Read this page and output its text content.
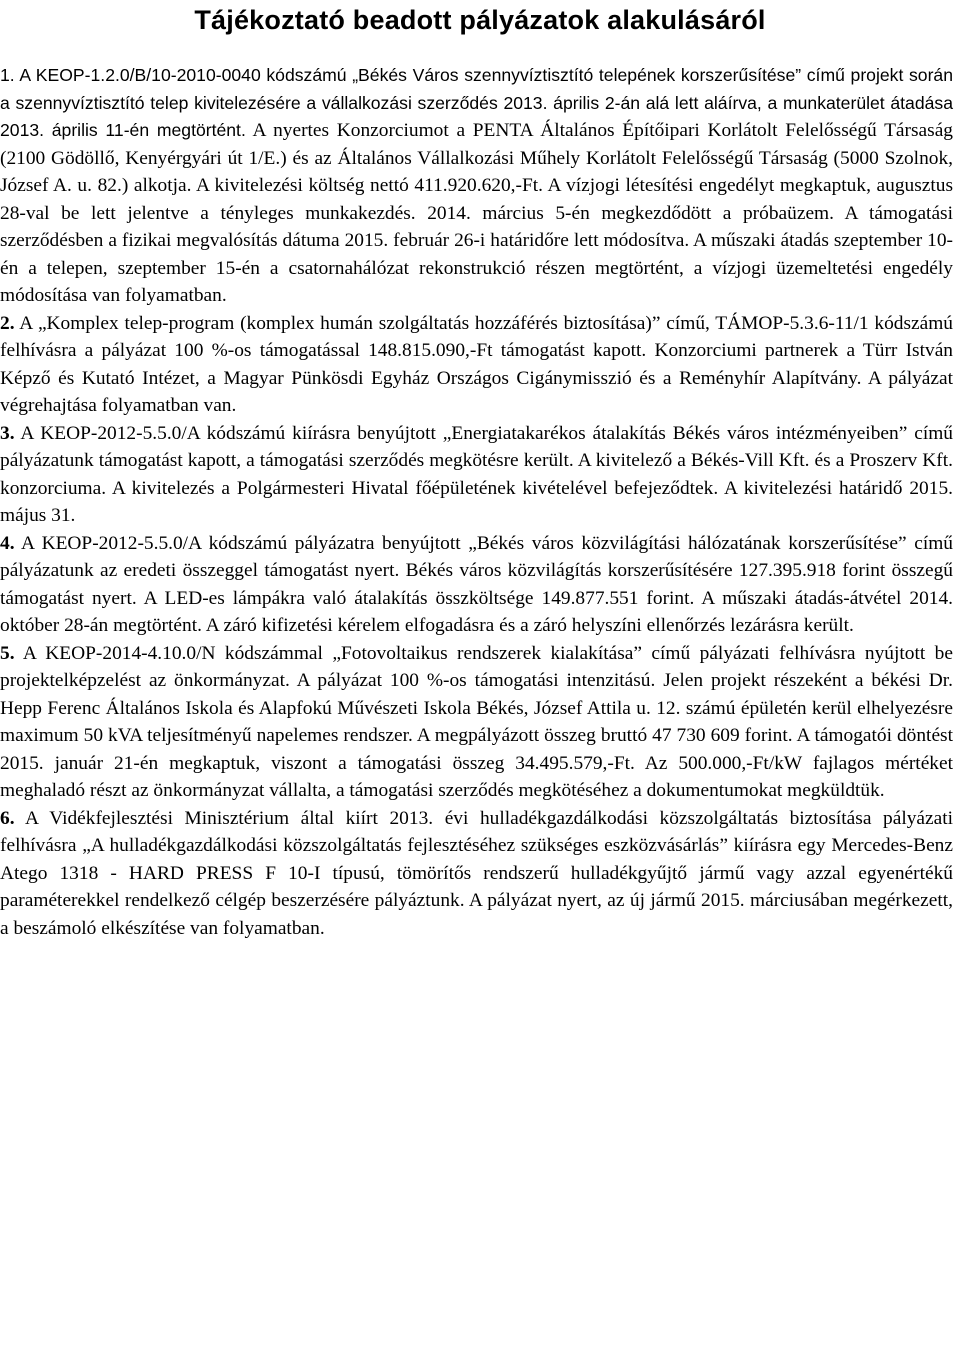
Tájékoztató beadott pályázatok alakulásáról

1. A KEOP-1.2.0/B/10-2010-0040 kódszámú „Békés Város szennyvíztisztító telepének korszerűsítése” című projekt során a szennyvíztisztító telep kivitelezésére a vállalkozási szerződés 2013. április 2-án alá lett aláírva, a munkaterület átadása 2013. április 11-én megtörtént. A nyertes Konzorciumot a PENTA Általános Építőipari Korlátolt Felelősségű Társaság (2100 Gödöllő, Kenyérgyári út 1/E.) és az Általános Vállalkozási Műhely Korlátolt Felelősségű Társaság (5000 Szolnok, József A. u. 82.) alkotja. A kivitelezési költség nettó 411.920.620,-Ft. A vízjogi létesítési engedélyt megkaptuk, augusztus 28-val be lett jelentve a tényleges munkakezdés. 2014. március 5-én megkezdődött a próbaüzem. A támogatási szerződésben a fizikai megvalósítás dátuma 2015. február 26-i határidőre lett módosítva. A műszaki átadás szeptember 10-én a telepen, szeptember 15-én a csatornahálózat rekonstrukció részen megtörtént, a vízjogi üzemeltetési engedély módosítása van folyamatban.

2. A „Komplex telep-program (komplex humán szolgáltatás hozzáférés biztosítása)” című, TÁMOP-5.3.6-11/1 kódszámú felhívásra a pályázat 100 %-os támogatással 148.815.090,-Ft támogatást kapott. Konzorciumi partnerek a Türr István Képző és Kutató Intézet, a Magyar Pünkösdi Egyház Országos Cigánymisszió és a Reményhír Alapítvány. A pályázat végrehajtása folyamatban van.

3. A KEOP-2012-5.5.0/A kódszámú kiírásra benyújtott „Energiatakarékos átalakítás Békés város intézményeiben” című pályázatunk támogatást kapott, a támogatási szerződés megkötésre került. A kivitelező a Békés-Vill Kft. és a Proszerv Kft. konzorciuma. A kivitelezés a Polgármesteri Hivatal főépületének kivételével befejeződtek. A kivitelezési határidő 2015. május 31.

4. A KEOP-2012-5.5.0/A kódszámú pályázatra benyújtott „Békés város közvilágítási hálózatának korszerűsítése” című pályázatunk az eredeti összeggel támogatást nyert. Békés város közvilágítás korszerűsítésére 127.395.918 forint összegű támogatást nyert. A LED-es lámpákra való átalakítás összköltsége 149.877.551 forint. A műszaki átadás-átvétel 2014. október 28-án megtörtént. A záró kifizetési kérelem elfogadásra és a záró helyszíni ellenőrzés lezárásra került.

5. A KEOP-2014-4.10.0/N kódszámmal „Fotovoltaikus rendszerek kialakítása” című pályázati felhívásra nyújtott be projektelképzelést az önkormányzat. A pályázat 100 %-os támogatási intenzitású. Jelen projekt részeként a békési Dr. Hepp Ferenc Általános Iskola és Alapfokú Művészeti Iskola Békés, József Attila u. 12. számú épületén kerül elhelyezésre maximum 50 kVA teljesítményű napelemes rendszer. A megpályázott összeg bruttó 47 730 609 forint. A támogatói döntést 2015. január 21-én megkaptuk, viszont a támogatási összeg 34.495.579,-Ft. Az 500.000,-Ft/kW fajlagos mértéket meghaladó részt az önkormányzat vállalta, a támogatási szerződés megkötéséhez a dokumentumokat megküldtük.

6. A Vidékfejlesztési Minisztérium által kiírt 2013. évi hulladékgazdálkodási közszolgáltatás biztosítása pályázati felhívásra „A hulladékgazdálkodási közszolgáltatás fejlesztéséhez szükséges eszközvásárlás” kiírásra egy Mercedes-Benz Atego 1318 - HARD PRESS F 10-I típusú, tömörítős rendszerű hulladékgyűjtő jármű vagy azzal egyenértékű paraméterekkel rendelkező célgép beszerzésére pályáztunk. A pályázat nyert, az új jármű 2015. márciusában megérkezett, a beszámoló elkészítése van folyamatban.
